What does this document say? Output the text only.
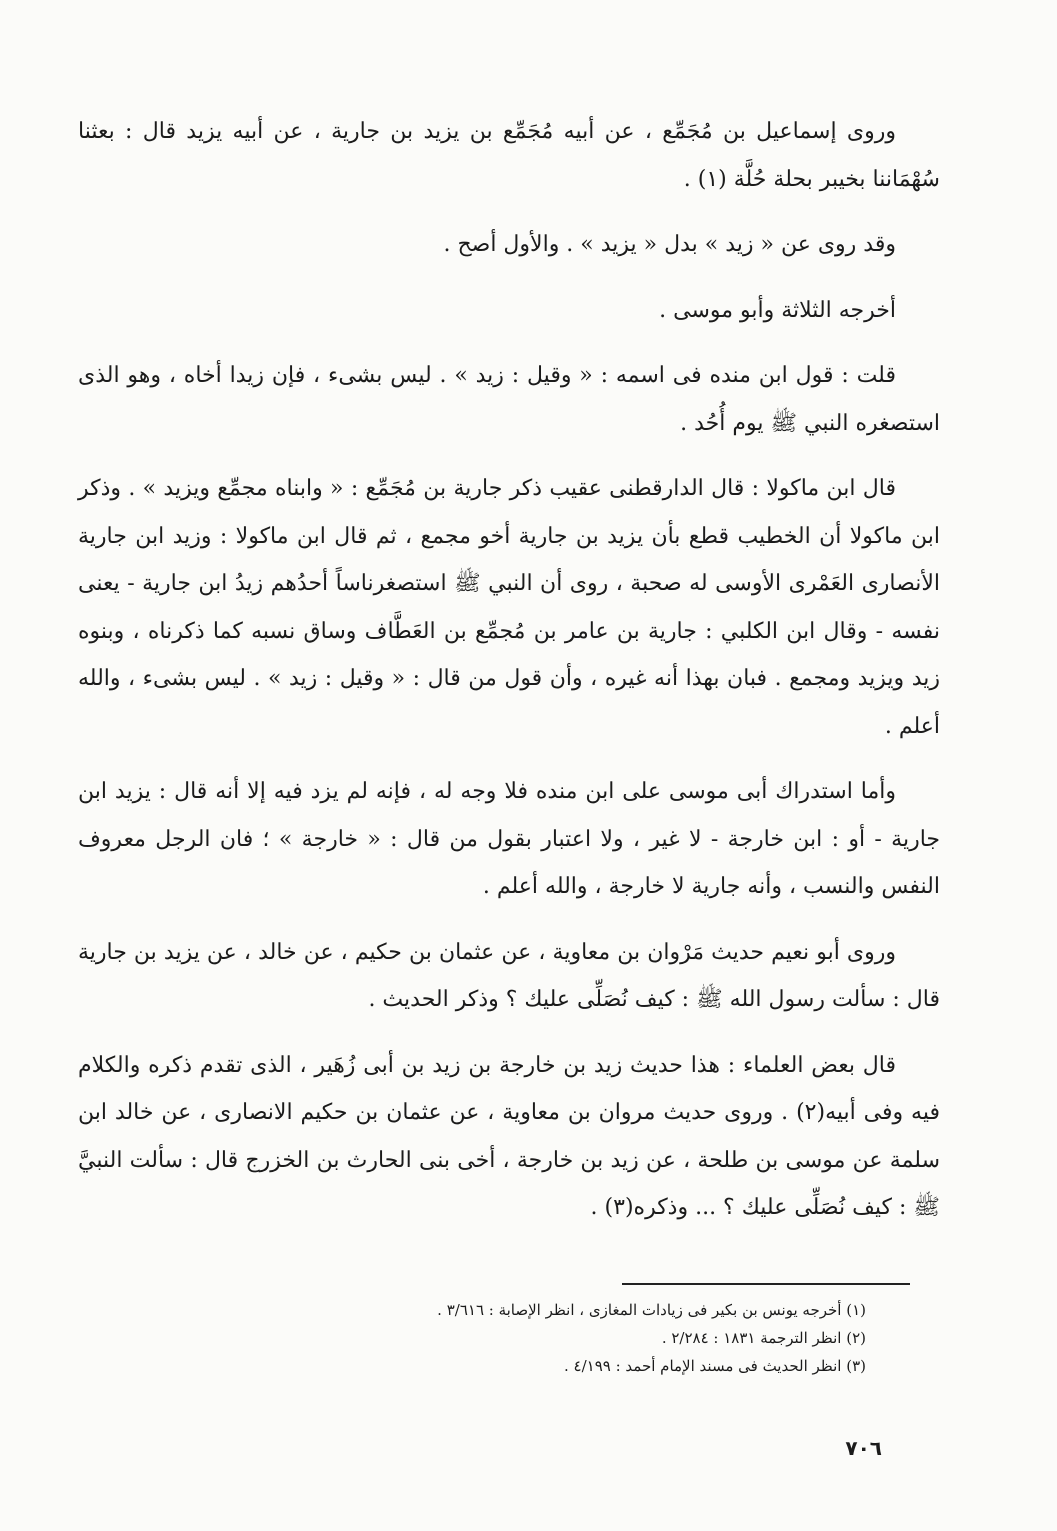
وروى إسماعيل بن مُجَمِّع ، عن أبيه مُجَمِّع بن يزيد بن جارية ، عن أبيه يزيد قال : بعثنا سُهْمَاننا بخيبر بحلة حُلَّة (١) .

وقد روى عن « زيد » بدل « يزيد » . والأول أصح .

أخرجه الثلاثة وأبو موسى .

قلت : قول ابن منده فى اسمه : « وقيل : زيد » . ليس بشىء ، فإن زيدا أخاه ، وهو الذى استصغره النبي ﷺ يوم أُحُد .

قال ابن ماكولا : قال الدارقطنى عقيب ذكر جارية بن مُجَمِّع : « وابناه مجمِّع ويزيد » . وذكر ابن ماكولا أن الخطيب قطع بأن يزيد بن جارية أخو مجمع ، ثم قال ابن ماكولا : وزيد ابن جارية الأنصارى العَمْرى الأوسى له صحبة ، روى أن النبي ﷺ استصغرناساً أحدُهم زيدُ ابن جارية - يعنى نفسه - وقال ابن الكلبي : جارية بن عامر بن مُجمِّع بن العَطَّاف وساق نسبه كما ذكرناه ، وبنوه زيد ويزيد ومجمع . فبان بهذا أنه غيره ، وأن قول من قال : « وقيل : زيد » . ليس بشىء ، والله أعلم .

وأما استدراك أبى موسى على ابن منده فلا وجه له ، فإنه لم يزد فيه إلا أنه قال : يزيد ابن جارية - أو : ابن خارجة - لا غير ، ولا اعتبار بقول من قال : « خارجة » ؛ فان الرجل معروف النفس والنسب ، وأنه جارية لا خارجة ، والله أعلم .

وروى أبو نعيم حديث مَرْوان بن معاوية ، عن عثمان بن حكيم ، عن خالد ، عن يزيد بن جارية قال : سألت رسول الله ﷺ : كيف نُصَلِّى عليك ؟ وذكر الحديث .

قال بعض العلماء : هذا حديث زيد بن خارجة بن زيد بن أبى زُهَير ، الذى تقدم ذكره والكلام فيه وفى أبيه(٢) . وروى حديث مروان بن معاوية ، عن عثمان بن حكيم الانصارى ، عن خالد ابن سلمة عن موسى بن طلحة ، عن زيد بن خارجة ، أخى بنى الحارث بن الخزرج قال : سألت النبيَّ ﷺ : كيف نُصَلِّى عليك ؟ ... وذكره(٣) .

(١) أخرجه يونس بن بكير فى زيادات المغازى ، انظر الإصابة : ٣/٦١٦ .
(٢) انظر الترجمة ١٨٣١ : ٢/٢٨٤ .
(٣) انظر الحديث فى مسند الإمام أحمد : ٤/١٩٩ .
٧٠٦
